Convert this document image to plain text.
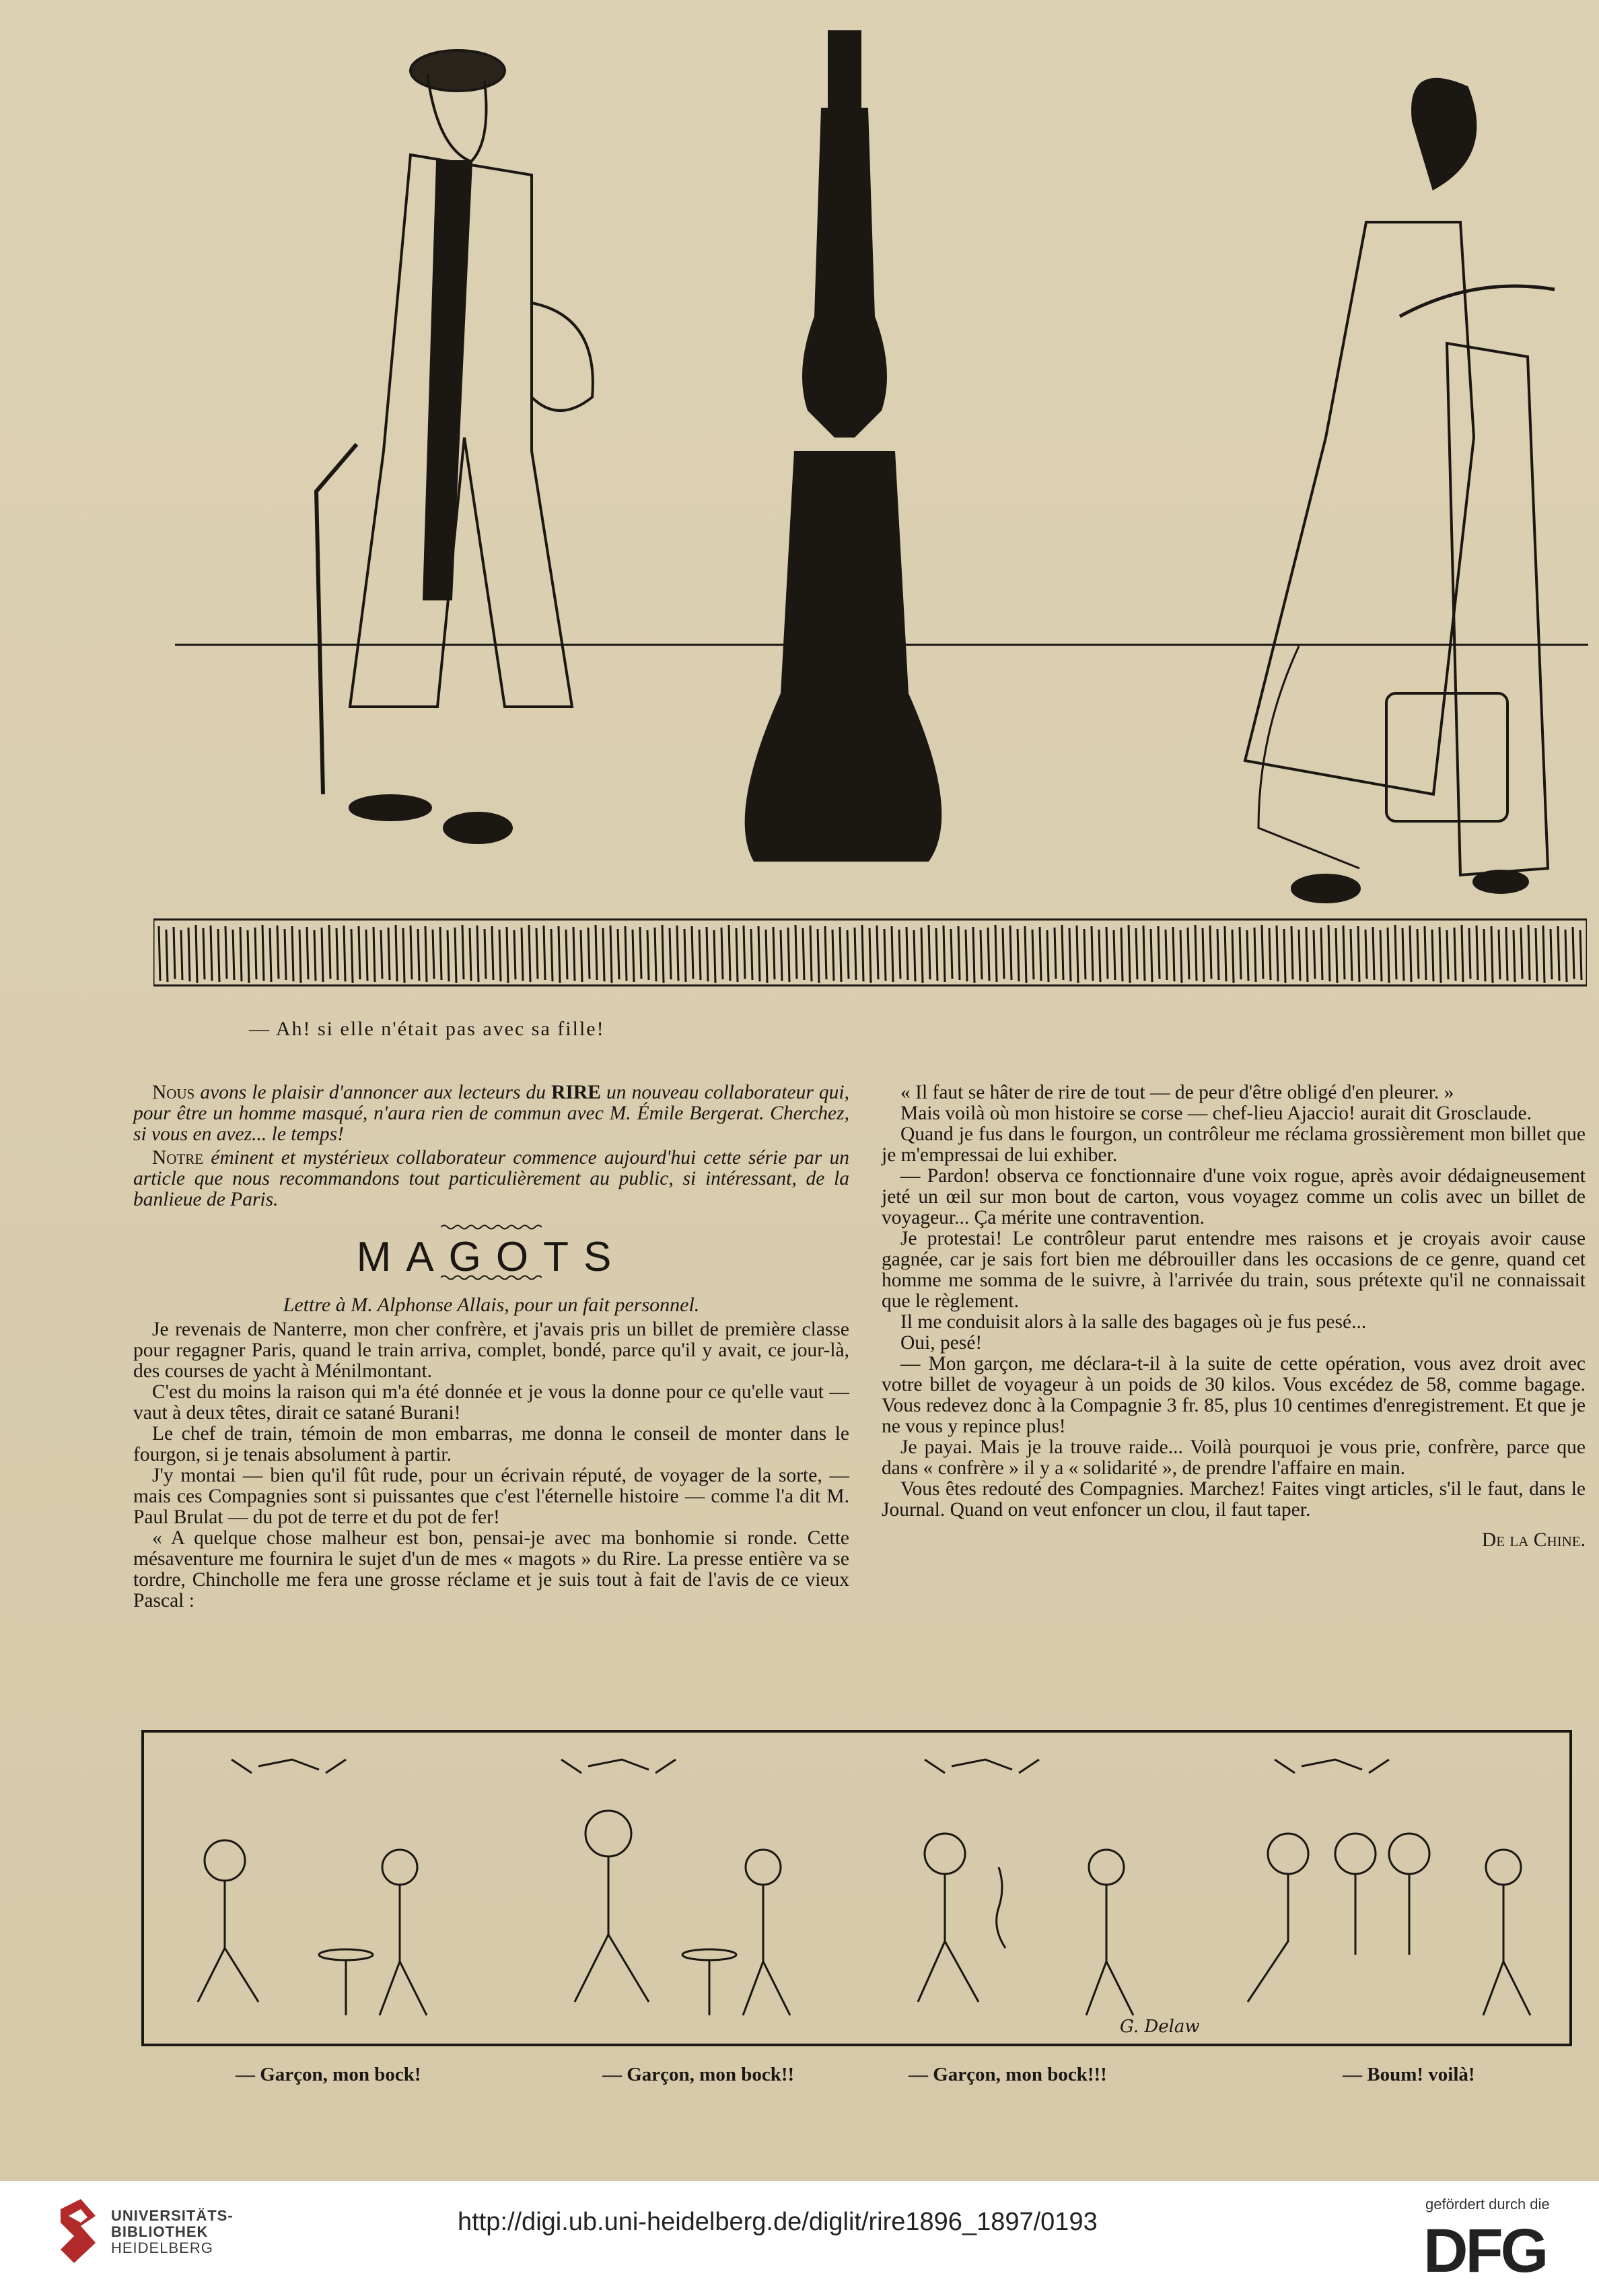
— Ah! si elle n'était pas avec sa fille!

Nous avons le plaisir d'annoncer aux lecteurs du RIRE un nouveau collaborateur qui, pour être un homme masqué, n'aura rien de commun avec M. Émile Bergerat. Cherchez, si vous en avez... le temps!

Notre éminent et mystérieux collaborateur commence aujourd'hui cette série par un article que nous recommandons tout particulièrement au public, si intéressant, de la banlieue de Paris.

MAGOTS
Lettre à M. Alphonse Allais, pour un fait personnel.

Je revenais de Nanterre, mon cher confrère, et j'avais pris un billet de première classe pour regagner Paris, quand le train arriva, complet, bondé, parce qu'il y avait, ce jour-là, des courses de yacht à Ménilmontant.

C'est du moins la raison qui m'a été donnée et je vous la donne pour ce qu'elle vaut — vaut à deux têtes, dirait ce satané Burani!

Le chef de train, témoin de mon embarras, me donna le conseil de monter dans le fourgon, si je tenais absolument à partir.

J'y montai — bien qu'il fût rude, pour un écrivain réputé, de voyager de la sorte, — mais ces Compagnies sont si puissantes que c'est l'éternelle histoire — comme l'a dit M. Paul Brulat — du pot de terre et du pot de fer!

« A quelque chose malheur est bon, pensai-je avec ma bonhomie si ronde. Cette mésaventure me fournira le sujet d'un de mes « magots » du Rire. La presse entière va se tordre, Chincholle me fera une grosse réclame et je suis tout à fait de l'avis de ce vieux Pascal :

« Il faut se hâter de rire de tout — de peur d'être obligé d'en pleurer. »

Mais voilà où mon histoire se corse — chef-lieu Ajaccio! aurait dit Grosclaude.

Quand je fus dans le fourgon, un contrôleur me réclama grossièrement mon billet que je m'empressai de lui exhiber.

— Pardon! observa ce fonctionnaire d'une voix rogue, après avoir dédaigneusement jeté un œil sur mon bout de carton, vous voyagez comme un colis avec un billet de voyageur... Ça mérite une contravention.

Je protestai! Le contrôleur parut entendre mes raisons et je croyais avoir cause gagnée, car je sais fort bien me débrouiller dans les occasions de ce genre, quand cet homme me somma de le suivre, à l'arrivée du train, sous prétexte qu'il ne connaissait que le règlement.

Il me conduisit alors à la salle des bagages où je fus pesé...

Oui, pesé!

— Mon garçon, me déclara-t-il à la suite de cette opération, vous avez droit avec votre billet de voyageur à un poids de 30 kilos. Vous excédez de 58, comme bagage. Vous redevez donc à la Compagnie 3 fr. 85, plus 10 centimes d'enregistrement. Et que je ne vous y repince plus!

Je payai. Mais je la trouve raide... Voilà pourquoi je vous prie, confrère, parce que dans « confrère » il y a « solidarité », de prendre l'affaire en main.

Vous êtes redouté des Compagnies. Marchez! Faites vingt articles, s'il le faut, dans le Journal. Quand on veut enfoncer un clou, il faut taper.

De la Chine.
G. Delaw
— Garçon, mon bock!	— Garçon, mon bock!!	— Garçon, mon bock!!!	— Boum! voilà!
UNIVERSITÄTS-
BIBLIOTHEK
HEIDELBERG
http://digi.ub.uni-heidelberg.de/diglit/rire1896_1897/0193
gefördert durch die
DFG
